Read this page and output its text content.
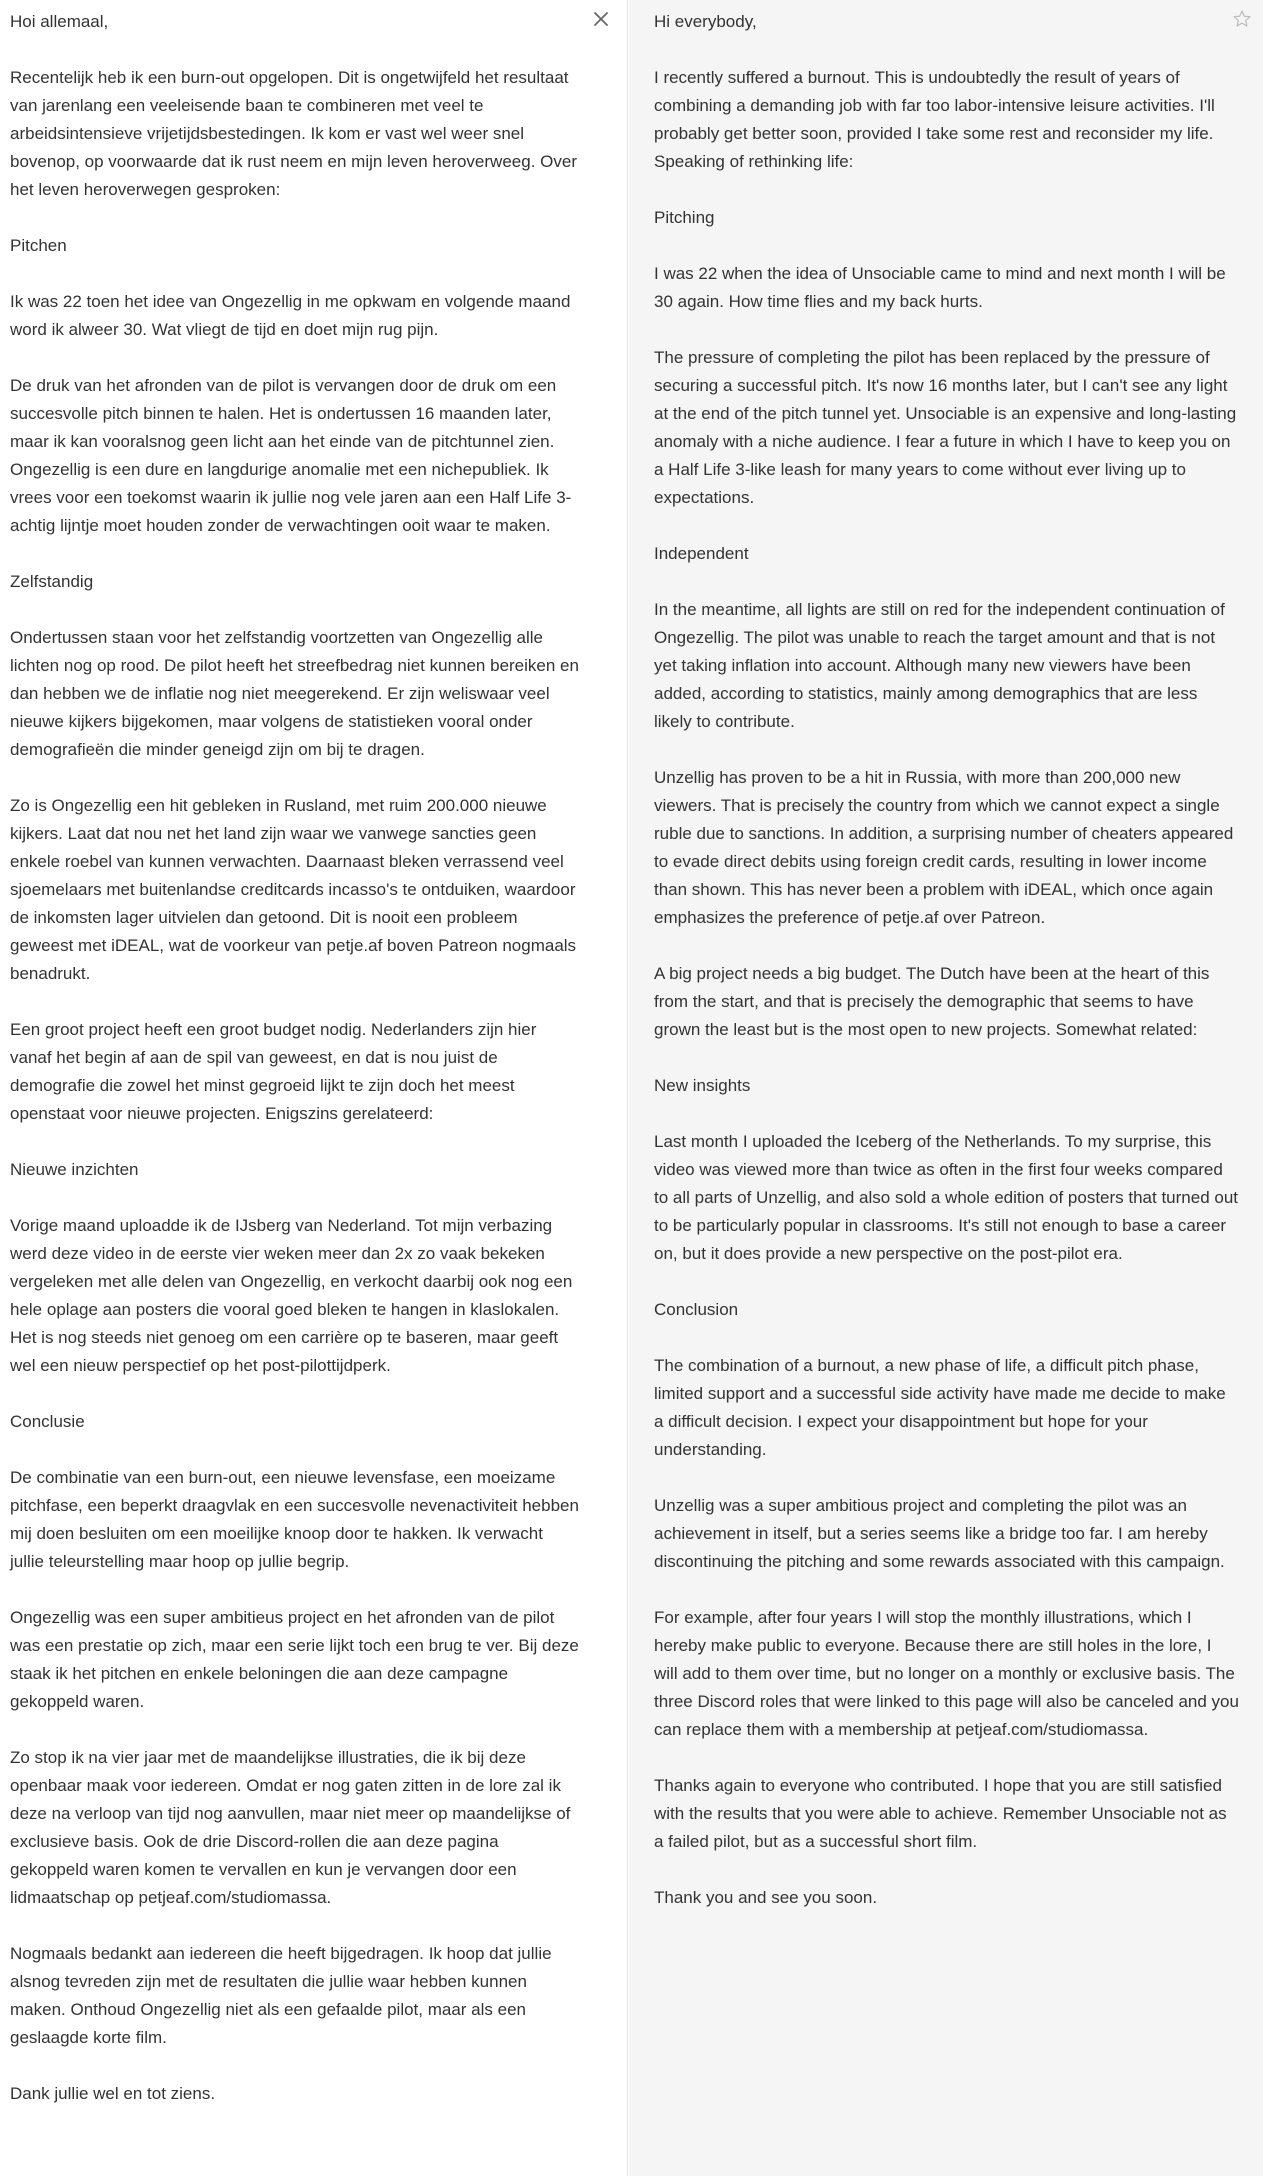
Hoi allemaal,

Recentelijk heb ik een burn-out opgelopen. Dit is ongetwijfeld het resultaat van jarenlang een veeleisende baan te combineren met veel te arbeidsintensieve vrijetijdsbestedingen. Ik kom er vast wel weer snel bovenop, op voorwaarde dat ik rust neem en mijn leven heroverweeg. Over het leven heroverwegen gesproken:

Pitchen

Ik was 22 toen het idee van Ongezellig in me opkwam en volgende maand word ik alweer 30. Wat vliegt de tijd en doet mijn rug pijn.

De druk van het afronden van de pilot is vervangen door de druk om een succesvolle pitch binnen te halen. Het is ondertussen 16 maanden later, maar ik kan vooralsnog geen licht aan het einde van de pitchtunnel zien. Ongezellig is een dure en langdurige anomalie met een nichepubliek. Ik vrees voor een toekomst waarin ik jullie nog vele jaren aan een Half Life 3-achtig lijntje moet houden zonder de verwachtingen ooit waar te maken.

Zelfstandig

Ondertussen staan voor het zelfstandig voortzetten van Ongezellig alle lichten nog op rood. De pilot heeft het streefbedrag niet kunnen bereiken en dan hebben we de inflatie nog niet meegerekend. Er zijn weliswaar veel nieuwe kijkers bijgekomen, maar volgens de statistieken vooral onder demografieën die minder geneigd zijn om bij te dragen.

Zo is Ongezellig een hit gebleken in Rusland, met ruim 200.000 nieuwe kijkers. Laat dat nou net het land zijn waar we vanwege sancties geen enkele roebel van kunnen verwachten. Daarnaast bleken verrassend veel sjoemelaars met buitenlandse creditcards incasso's te ontduiken, waardoor de inkomsten lager uitvielen dan getoond. Dit is nooit een probleem geweest met iDEAL, wat de voorkeur van petje.af boven Patreon nogmaals benadrukt.

Een groot project heeft een groot budget nodig. Nederlanders zijn hier vanaf het begin af aan de spil van geweest, en dat is nou juist de demografie die zowel het minst gegroeid lijkt te zijn doch het meest openstaat voor nieuwe projecten. Enigszins gerelateerd:

Nieuwe inzichten

Vorige maand uploadde ik de IJsberg van Nederland. Tot mijn verbazing werd deze video in de eerste vier weken meer dan 2x zo vaak bekeken vergeleken met alle delen van Ongezellig, en verkocht daarbij ook nog een hele oplage aan posters die vooral goed bleken te hangen in klaslokalen. Het is nog steeds niet genoeg om een carrière op te baseren, maar geeft wel een nieuw perspectief op het post-pilottijdperk.

Conclusie

De combinatie van een burn-out, een nieuwe levensfase, een moeizame pitchfase, een beperkt draagvlak en een succesvolle nevenactiviteit hebben mij doen besluiten om een moeilijke knoop door te hakken. Ik verwacht jullie teleurstelling maar hoop op jullie begrip.

Ongezellig was een super ambitieus project en het afronden van de pilot was een prestatie op zich, maar een serie lijkt toch een brug te ver. Bij deze staak ik het pitchen en enkele beloningen die aan deze campagne gekoppeld waren.

Zo stop ik na vier jaar met de maandelijkse illustraties, die ik bij deze openbaar maak voor iedereen. Omdat er nog gaten zitten in de lore zal ik deze na verloop van tijd nog aanvullen, maar niet meer op maandelijkse of exclusieve basis. Ook de drie Discord-rollen die aan deze pagina gekoppeld waren komen te vervallen en kun je vervangen door een lidmaatschap op petjeaf.com/studiomassa.

Nogmaals bedankt aan iedereen die heeft bijgedragen. Ik hoop dat jullie alsnog tevreden zijn met de resultaten die jullie waar hebben kunnen maken. Onthoud Ongezellig niet als een gefaalde pilot, maar als een geslaagde korte film.

Dank jullie wel en tot ziens.

Hi everybody,

I recently suffered a burnout. This is undoubtedly the result of years of combining a demanding job with far too labor-intensive leisure activities. I'll probably get better soon, provided I take some rest and reconsider my life. Speaking of rethinking life:

Pitching

I was 22 when the idea of Unsociable came to mind and next month I will be 30 again. How time flies and my back hurts.

The pressure of completing the pilot has been replaced by the pressure of securing a successful pitch. It's now 16 months later, but I can't see any light at the end of the pitch tunnel yet. Unsociable is an expensive and long-lasting anomaly with a niche audience. I fear a future in which I have to keep you on a Half Life 3-like leash for many years to come without ever living up to expectations.

Independent

In the meantime, all lights are still on red for the independent continuation of Ongezellig. The pilot was unable to reach the target amount and that is not yet taking inflation into account. Although many new viewers have been added, according to statistics, mainly among demographics that are less likely to contribute.

Unzellig has proven to be a hit in Russia, with more than 200,000 new viewers. That is precisely the country from which we cannot expect a single ruble due to sanctions. In addition, a surprising number of cheaters appeared to evade direct debits using foreign credit cards, resulting in lower income than shown. This has never been a problem with iDEAL, which once again emphasizes the preference of petje.af over Patreon.

A big project needs a big budget. The Dutch have been at the heart of this from the start, and that is precisely the demographic that seems to have grown the least but is the most open to new projects. Somewhat related:

New insights

Last month I uploaded the Iceberg of the Netherlands. To my surprise, this video was viewed more than twice as often in the first four weeks compared to all parts of Unzellig, and also sold a whole edition of posters that turned out to be particularly popular in classrooms. It's still not enough to base a career on, but it does provide a new perspective on the post-pilot era.

Conclusion

The combination of a burnout, a new phase of life, a difficult pitch phase, limited support and a successful side activity have made me decide to make a difficult decision. I expect your disappointment but hope for your understanding.

Unzellig was a super ambitious project and completing the pilot was an achievement in itself, but a series seems like a bridge too far. I am hereby discontinuing the pitching and some rewards associated with this campaign.

For example, after four years I will stop the monthly illustrations, which I hereby make public to everyone. Because there are still holes in the lore, I will add to them over time, but no longer on a monthly or exclusive basis. The three Discord roles that were linked to this page will also be canceled and you can replace them with a membership at petjeaf.com/studiomassa.

Thanks again to everyone who contributed. I hope that you are still satisfied with the results that you were able to achieve. Remember Unsociable not as a failed pilot, but as a successful short film.

Thank you and see you soon.
